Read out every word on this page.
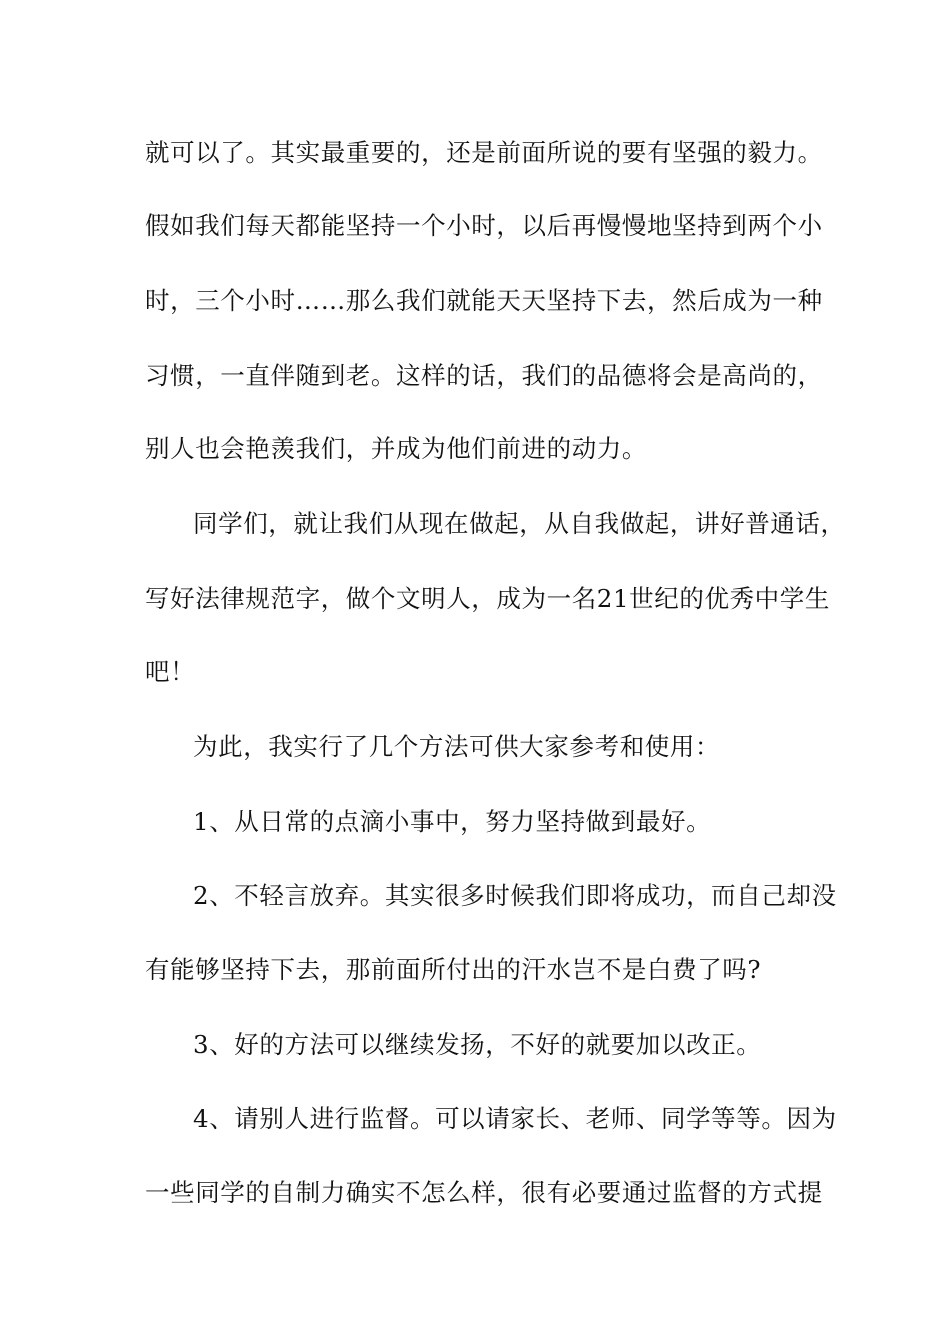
就可以了。其实最重要的，还是前面所说的要有坚强的毅力。
假如我们每天都能坚持一个小时，以后再慢慢地坚持到两个小
时，三个小时……那么我们就能天天坚持下去，然后成为一种
习惯，一直伴随到老。这样的话，我们的品德将会是高尚的，
别人也会艳羡我们，并成为他们前进的动力。
同学们，就让我们从现在做起，从自我做起，讲好普通话，
写好法律规范字，做个文明人，成为一名21世纪的优秀中学生
吧！
为此，我实行了几个方法可供大家参考和使用：
1、从日常的点滴小事中，努力坚持做到最好。
2、不轻言放弃。其实很多时候我们即将成功，而自己却没
有能够坚持下去，那前面所付出的汗水岂不是白费了吗?
3、好的方法可以继续发扬，不好的就要加以改正。
4、请别人进行监督。可以请家长、老师、同学等等。因为
一些同学的自制力确实不怎么样，很有必要通过监督的方式提
